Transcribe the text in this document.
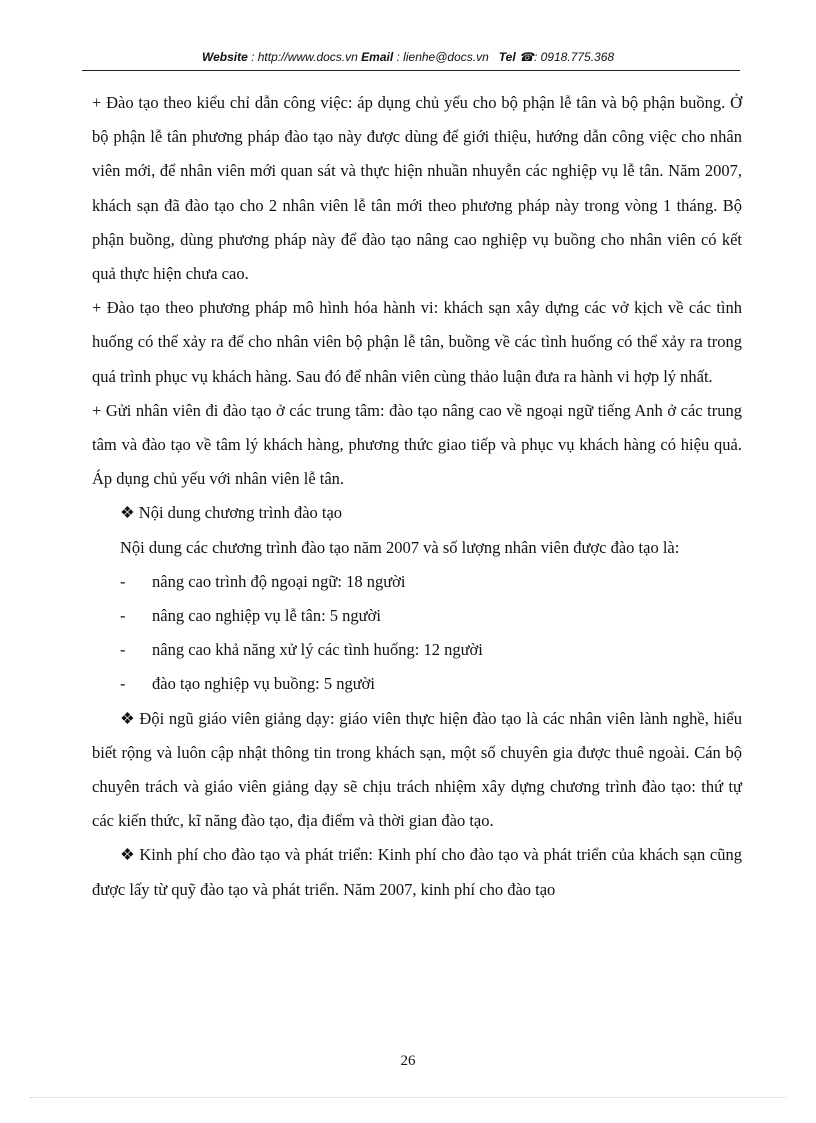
Website : http://www.docs.vn Email : lienhe@docs.vn Tel ☎: 0918.775.368

+ Đào tạo theo kiểu chỉ dẫn công việc: áp dụng chủ yếu cho bộ phận lễ tân và bộ phận buồng. Ở bộ phận lễ tân phương pháp đào tạo này được dùng để giới thiệu, hướng dẫn công việc cho nhân viên mới, để nhân viên mới quan sát và thực hiện nhuần nhuyễn các nghiệp vụ lễ tân. Năm 2007, khách sạn đã đào tạo cho 2 nhân viên lễ tân mới theo phương pháp này trong vòng 1 tháng. Bộ phận buồng, dùng phương pháp này để đào tạo nâng cao nghiệp vụ buồng cho nhân viên có kết quả thực hiện chưa cao.

+ Đào tạo theo phương pháp mô hình hóa hành vi: khách sạn xây dựng các vở kịch về các tình huống có thể xảy ra để cho nhân viên bộ phận lễ tân, buồng về các tình huống có thể xảy ra trong quá trình phục vụ khách hàng. Sau đó để nhân viên cùng thảo luận đưa ra hành vi hợp lý nhất.

+ Gửi nhân viên đi đào tạo ở các trung tâm: đào tạo nâng cao về ngoại ngữ tiếng Anh ở các trung tâm và đào tạo về tâm lý khách hàng, phương thức giao tiếp và phục vụ khách hàng có hiệu quả. Áp dụng chủ yếu với nhân viên lễ tân.

❖ Nội dung chương trình đào tạo

Nội dung các chương trình đào tạo năm 2007 và số lượng nhân viên được đào tạo là:

-	nâng cao trình độ ngoại ngữ: 18 người
-	nâng cao nghiệp vụ lễ tân: 5 người
-	nâng cao khả năng xử lý các tình huống: 12 người
-	đào tạo nghiệp vụ buồng: 5 người

❖ Đội ngũ giáo viên giảng dạy: giáo viên thực hiện đào tạo là các nhân viên lành nghề, hiểu biết rộng và luôn cập nhật thông tin trong khách sạn, một số chuyên gia được thuê ngoài. Cán bộ chuyên trách và giáo viên giảng dạy sẽ chịu trách nhiệm xây dựng chương trình đào tạo: thứ tự các kiến thức, kĩ năng đào tạo, địa điểm và thời gian đào tạo.

❖ Kinh phí cho đào tạo và phát triển: Kinh phí cho đào tạo và phát triển của khách sạn cũng được lấy từ quỹ đào tạo và phát triển. Năm 2007, kinh phí cho đào tạo

26
